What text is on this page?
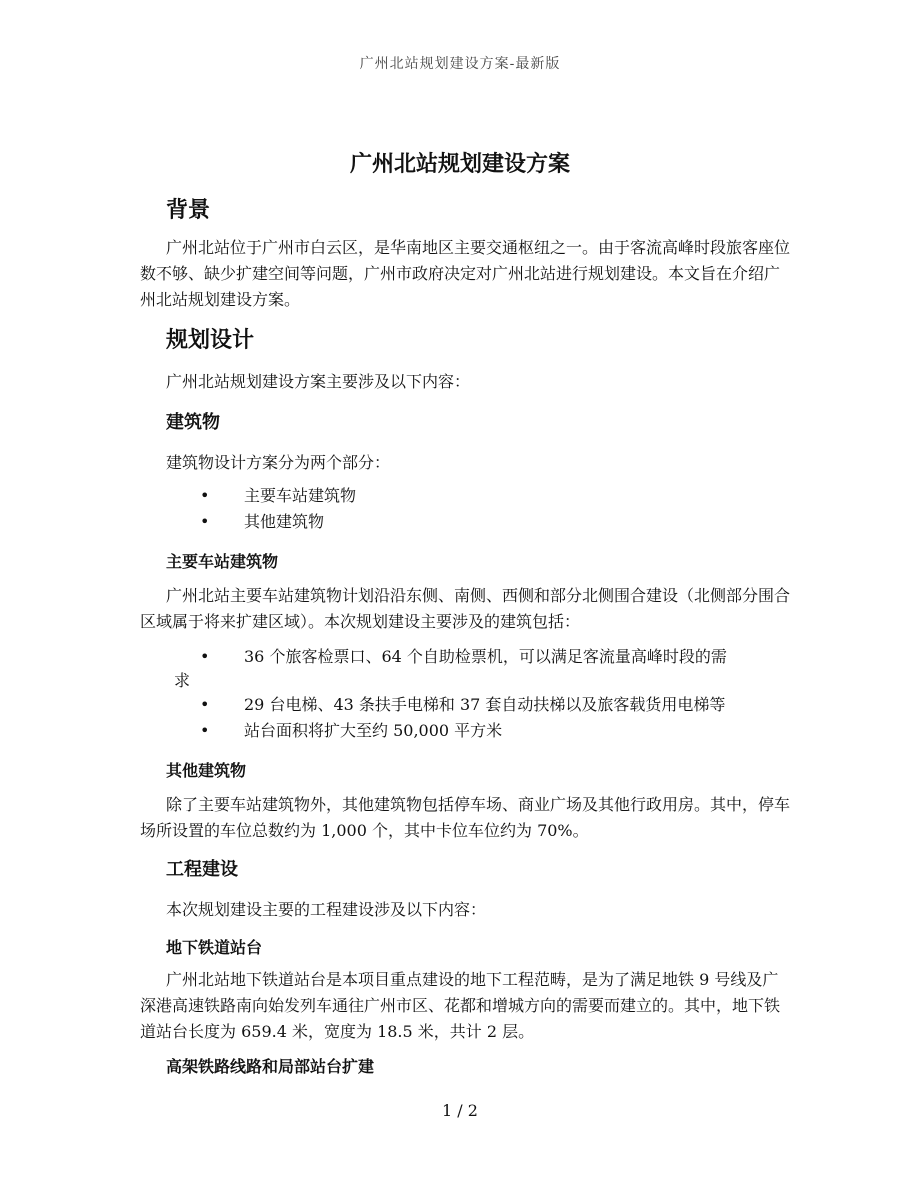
广州北站规划建设方案-最新版
广州北站规划建设方案
背景
广州北站位于广州市白云区，是华南地区主要交通枢纽之一。由于客流高峰时段旅客座位数不够、缺少扩建空间等问题，广州市政府决定对广州北站进行规划建设。本文旨在介绍广州北站规划建设方案。
规划设计
广州北站规划建设方案主要涉及以下内容：
建筑物
建筑物设计方案分为两个部分：
• 主要车站建筑物
• 其他建筑物
主要车站建筑物
广州北站主要车站建筑物计划沿沿东侧、南侧、西侧和部分北侧围合建设（北侧部分围合区域属于将来扩建区域）。本次规划建设主要涉及的建筑包括：
• 36 个旅客检票口、64 个自助检票机，可以满足客流量高峰时段的需
求
• 29 台电梯、43 条扶手电梯和 37 套自动扶梯以及旅客载货用电梯等
• 站台面积将扩大至约 50,000 平方米
其他建筑物
除了主要车站建筑物外，其他建筑物包括停车场、商业广场及其他行政用房。其中，停车场所设置的车位总数约为 1,000 个，其中卡位车位约为 70%。
工程建设
本次规划建设主要的工程建设涉及以下内容：
地下铁道站台
广州北站地下铁道站台是本项目重点建设的地下工程范畴，是为了满足地铁 9 号线及广深港高速铁路南向始发列车通往广州市区、花都和增城方向的需要而建立的。其中，地下铁道站台长度为 659.4 米，宽度为 18.5 米，共计 2 层。
高架铁路线路和局部站台扩建
1 / 2
